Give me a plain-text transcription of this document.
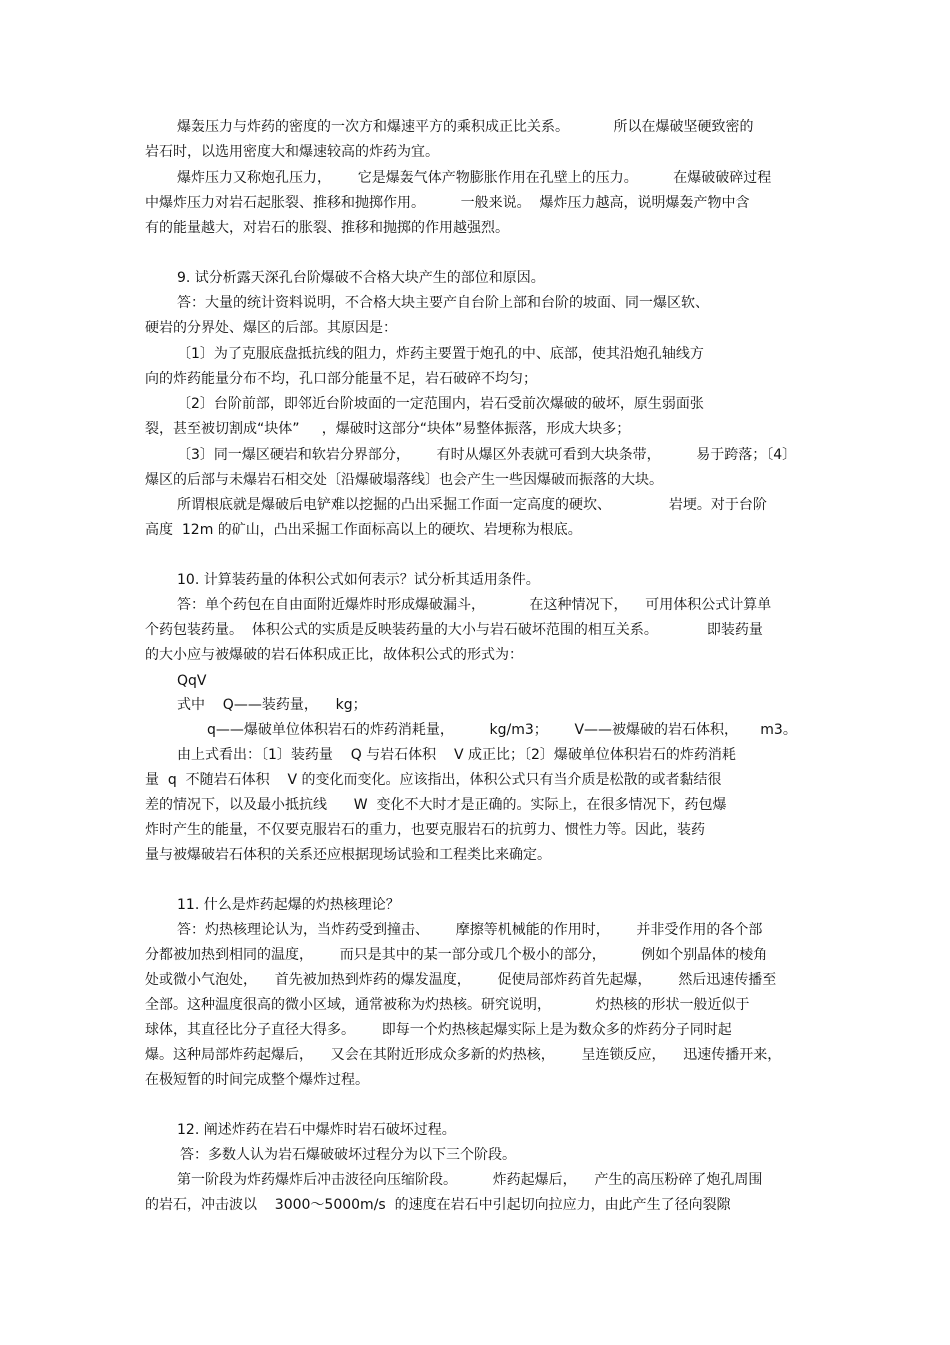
爆轰压力与炸药的密度的一次方和爆速平方的乘积成正比关系。          所以在爆破坚硬致密的
岩石时，以选用密度大和爆速较高的炸药为宜。
爆炸压力又称炮孔压力，      它是爆轰气体产物膨胀作用在孔壁上的压力。        在爆破破碎过程
中爆炸压力对岩石起胀裂、推移和抛掷作用。        一般来说。  爆炸压力越高，说明爆轰产物中含
有的能量越大，对岩石的胀裂、推移和抛掷的作用越强烈。
9. 试分析露天深孔台阶爆破不合格大块产生的部位和原因。
答：大量的统计资料说明，不合格大块主要产自台阶上部和台阶的坡面、同一爆区软、
硬岩的分界处、爆区的后部。其原因是：
〔1〕为了克服底盘抵抗线的阻力，炸药主要置于炮孔的中、底部，使其沿炮孔轴线方
向的炸药能量分布不均，孔口部分能量不足，岩石破碎不均匀；
〔2〕台阶前部，即邻近台阶坡面的一定范围内，岩石受前次爆破的破坏，原生弱面张
裂，甚至被切割成“块体”     ，爆破时这部分“块体”易整体振落，形成大块多；
〔3〕同一爆区硬岩和软岩分界部分，      有时从爆区外表就可看到大块条带，        易于跨落；〔4〕
爆区的后部与未爆岩石相交处〔沿爆破塌落线〕也会产生一些因爆破而振落的大块。
所谓根底就是爆破后电铲难以挖掘的凸出采掘工作面一定高度的硬坎、             岩埂。对于台阶
高度  12m 的矿山，凸出采掘工作面标高以上的硬坎、岩埂称为根底。
10. 计算装药量的体积公式如何表示？试分析其适用条件。
答：单个药包在自由面附近爆炸时形成爆破漏斗，          在这种情况下，    可用体积公式计算单
个药包装药量。  体积公式的实质是反映装药量的大小与岩石破坏范围的相互关系。           即装药量
的大小应与被爆破的岩石体积成正比，故体积公式的形式为：
QqV
式中    Q——装药量，    kg；
q——爆破单位体积岩石的炸药消耗量，        kg/m3；      V——被爆破的岩石体积，     m3。
由上式看出：〔1〕装药量    Q 与岩石体积    V 成正比；〔2〕爆破单位体积岩石的炸药消耗
量  q  不随岩石体积    V 的变化而变化。应该指出，体积公式只有当介质是松散的或者黏结很
差的情况下，以及最小抵抗线      W  变化不大时才是正确的。实际上，在很多情况下，药包爆
炸时产生的能量，不仅要克服岩石的重力，也要克服岩石的抗剪力、惯性力等。因此，装药
量与被爆破岩石体积的关系还应根据现场试验和工程类比来确定。
11. 什么是炸药起爆的灼热核理论？
答：灼热核理论认为，当炸药受到撞击、      摩擦等机械能的作用时，      并非受作用的各个部
分都被加热到相同的温度，      而只是其中的某一部分或几个极小的部分，        例如个别晶体的棱角
处或微小气泡处，    首先被加热到炸药的爆发温度，      促使局部炸药首先起爆，      然后迅速传播至
全部。这种温度很高的微小区域，通常被称为灼热核。研究说明，          灼热核的形状一般近似于
球体，其直径比分子直径大得多。      即每一个灼热核起爆实际上是为数众多的炸药分子同时起
爆。这种局部炸药起爆后，    又会在其附近形成众多新的灼热核，      呈连锁反应，    迅速传播开来，
在极短暂的时间完成整个爆炸过程。
12. 阐述炸药在岩石中爆炸时岩石破坏过程。
答：多数人认为岩石爆破破坏过程分为以下三个阶段。
第一阶段为炸药爆炸后冲击波径向压缩阶段。        炸药起爆后，    产生的高压粉碎了炮孔周围
的岩石，冲击波以    3000～5000m/s  的速度在岩石中引起切向拉应力，由此产生了径向裂隙
